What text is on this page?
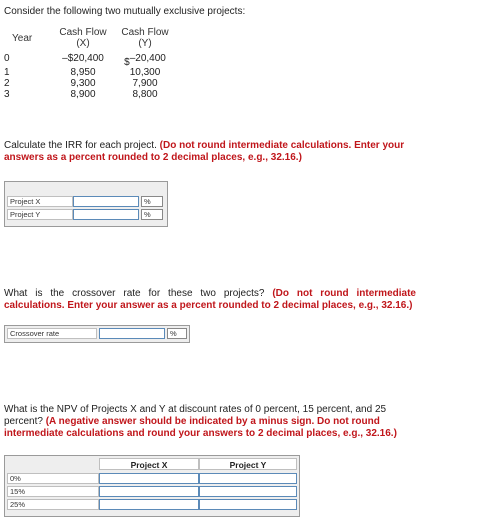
Consider the following two mutually exclusive projects:
Year	Cash Flow	Cash Flow
	(X)	(Y)
0	–$20,400	$–20,400
1	8,950	10,300
2	9,300	7,900
3	8,900	8,800
Calculate the IRR for each project. (Do not round intermediate calculations. Enter your answers as a percent rounded to 2 decimal places, e.g., 32.16.)
Project X	%
Project Y	%
What is the crossover rate for these two projects? (Do not round intermediate calculations. Enter your answer as a percent rounded to 2 decimal places, e.g., 32.16.)
Crossover rate	%
What is the NPV of Projects X and Y at discount rates of 0 percent, 15 percent, and 25 percent? (A negative answer should be indicated by a minus sign. Do not round intermediate calculations and round your answers to 2 decimal places, e.g., 32.16.)
Project X	Project Y
0%
15%
25%
